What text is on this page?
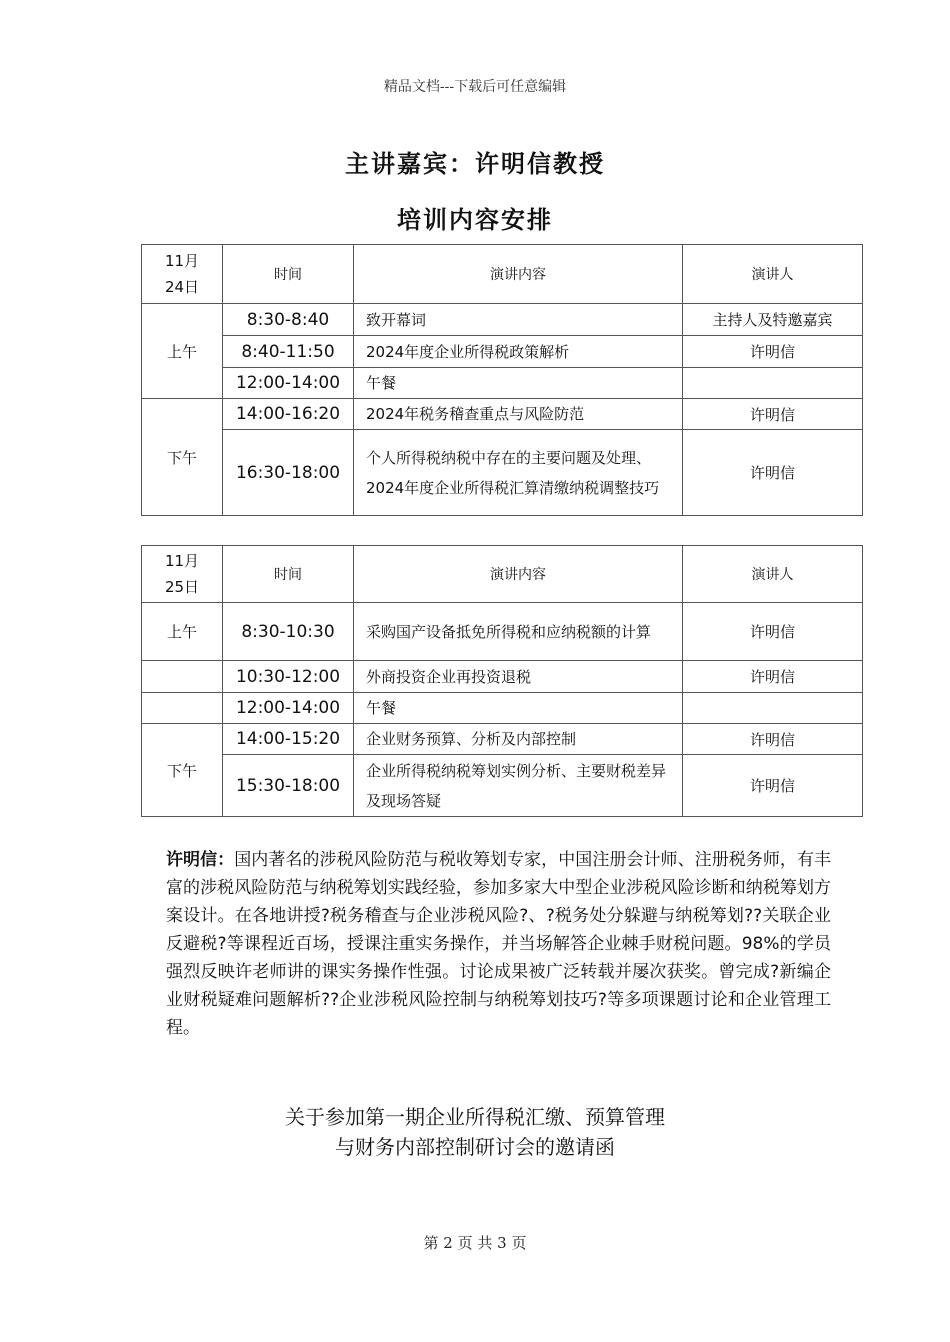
精品文档---下载后可任意编辑
主讲嘉宾：许明信教授
培训内容安排
11月
24日	时间	演讲内容	演讲人
上午	8:30-8:40	致开幕词	主持人及特邀嘉宾
	8:40-11:50	2024年度企业所得税政策解析	许明信
	12:00-14:00	午餐	
下午	14:00-16:20	2024年税务稽查重点与风险防范	许明信
	16:30-18:00	个人所得税纳税中存在的主要问题及处理、2024年度企业所得税汇算清缴纳税调整技巧	许明信
11月
25日	时间	演讲内容	演讲人
上午	8:30-10:30	采购国产设备抵免所得税和应纳税额的计算	许明信
	10:30-12:00	外商投资企业再投资退税	许明信
	12:00-14:00	午餐	
下午	14:00-15:20	企业财务预算、分析及内部控制	许明信
	15:30-18:00	企业所得税纳税筹划实例分析、主要财税差异及现场答疑	许明信
许明信：国内著名的涉税风险防范与税收筹划专家，中国注册会计师、注册税务师，有丰富的涉税风险防范与纳税筹划实践经验，参加多家大中型企业涉税风险诊断和纳税筹划方案设计。在各地讲授?税务稽查与企业涉税风险?、?税务处分躲避与纳税筹划??关联企业反避税?等课程近百场，授课注重实务操作，并当场解答企业棘手财税问题。98%的学员强烈反映许老师讲的课实务操作性强。讨论成果被广泛转载并屡次获奖。曾完成?新编企业财税疑难问题解析??企业涉税风险控制与纳税筹划技巧?等多项课题讨论和企业管理工程。
关于参加第一期企业所得税汇缴、预算管理
与财务内部控制研讨会的邀请函
第 2 页 共 3 页
